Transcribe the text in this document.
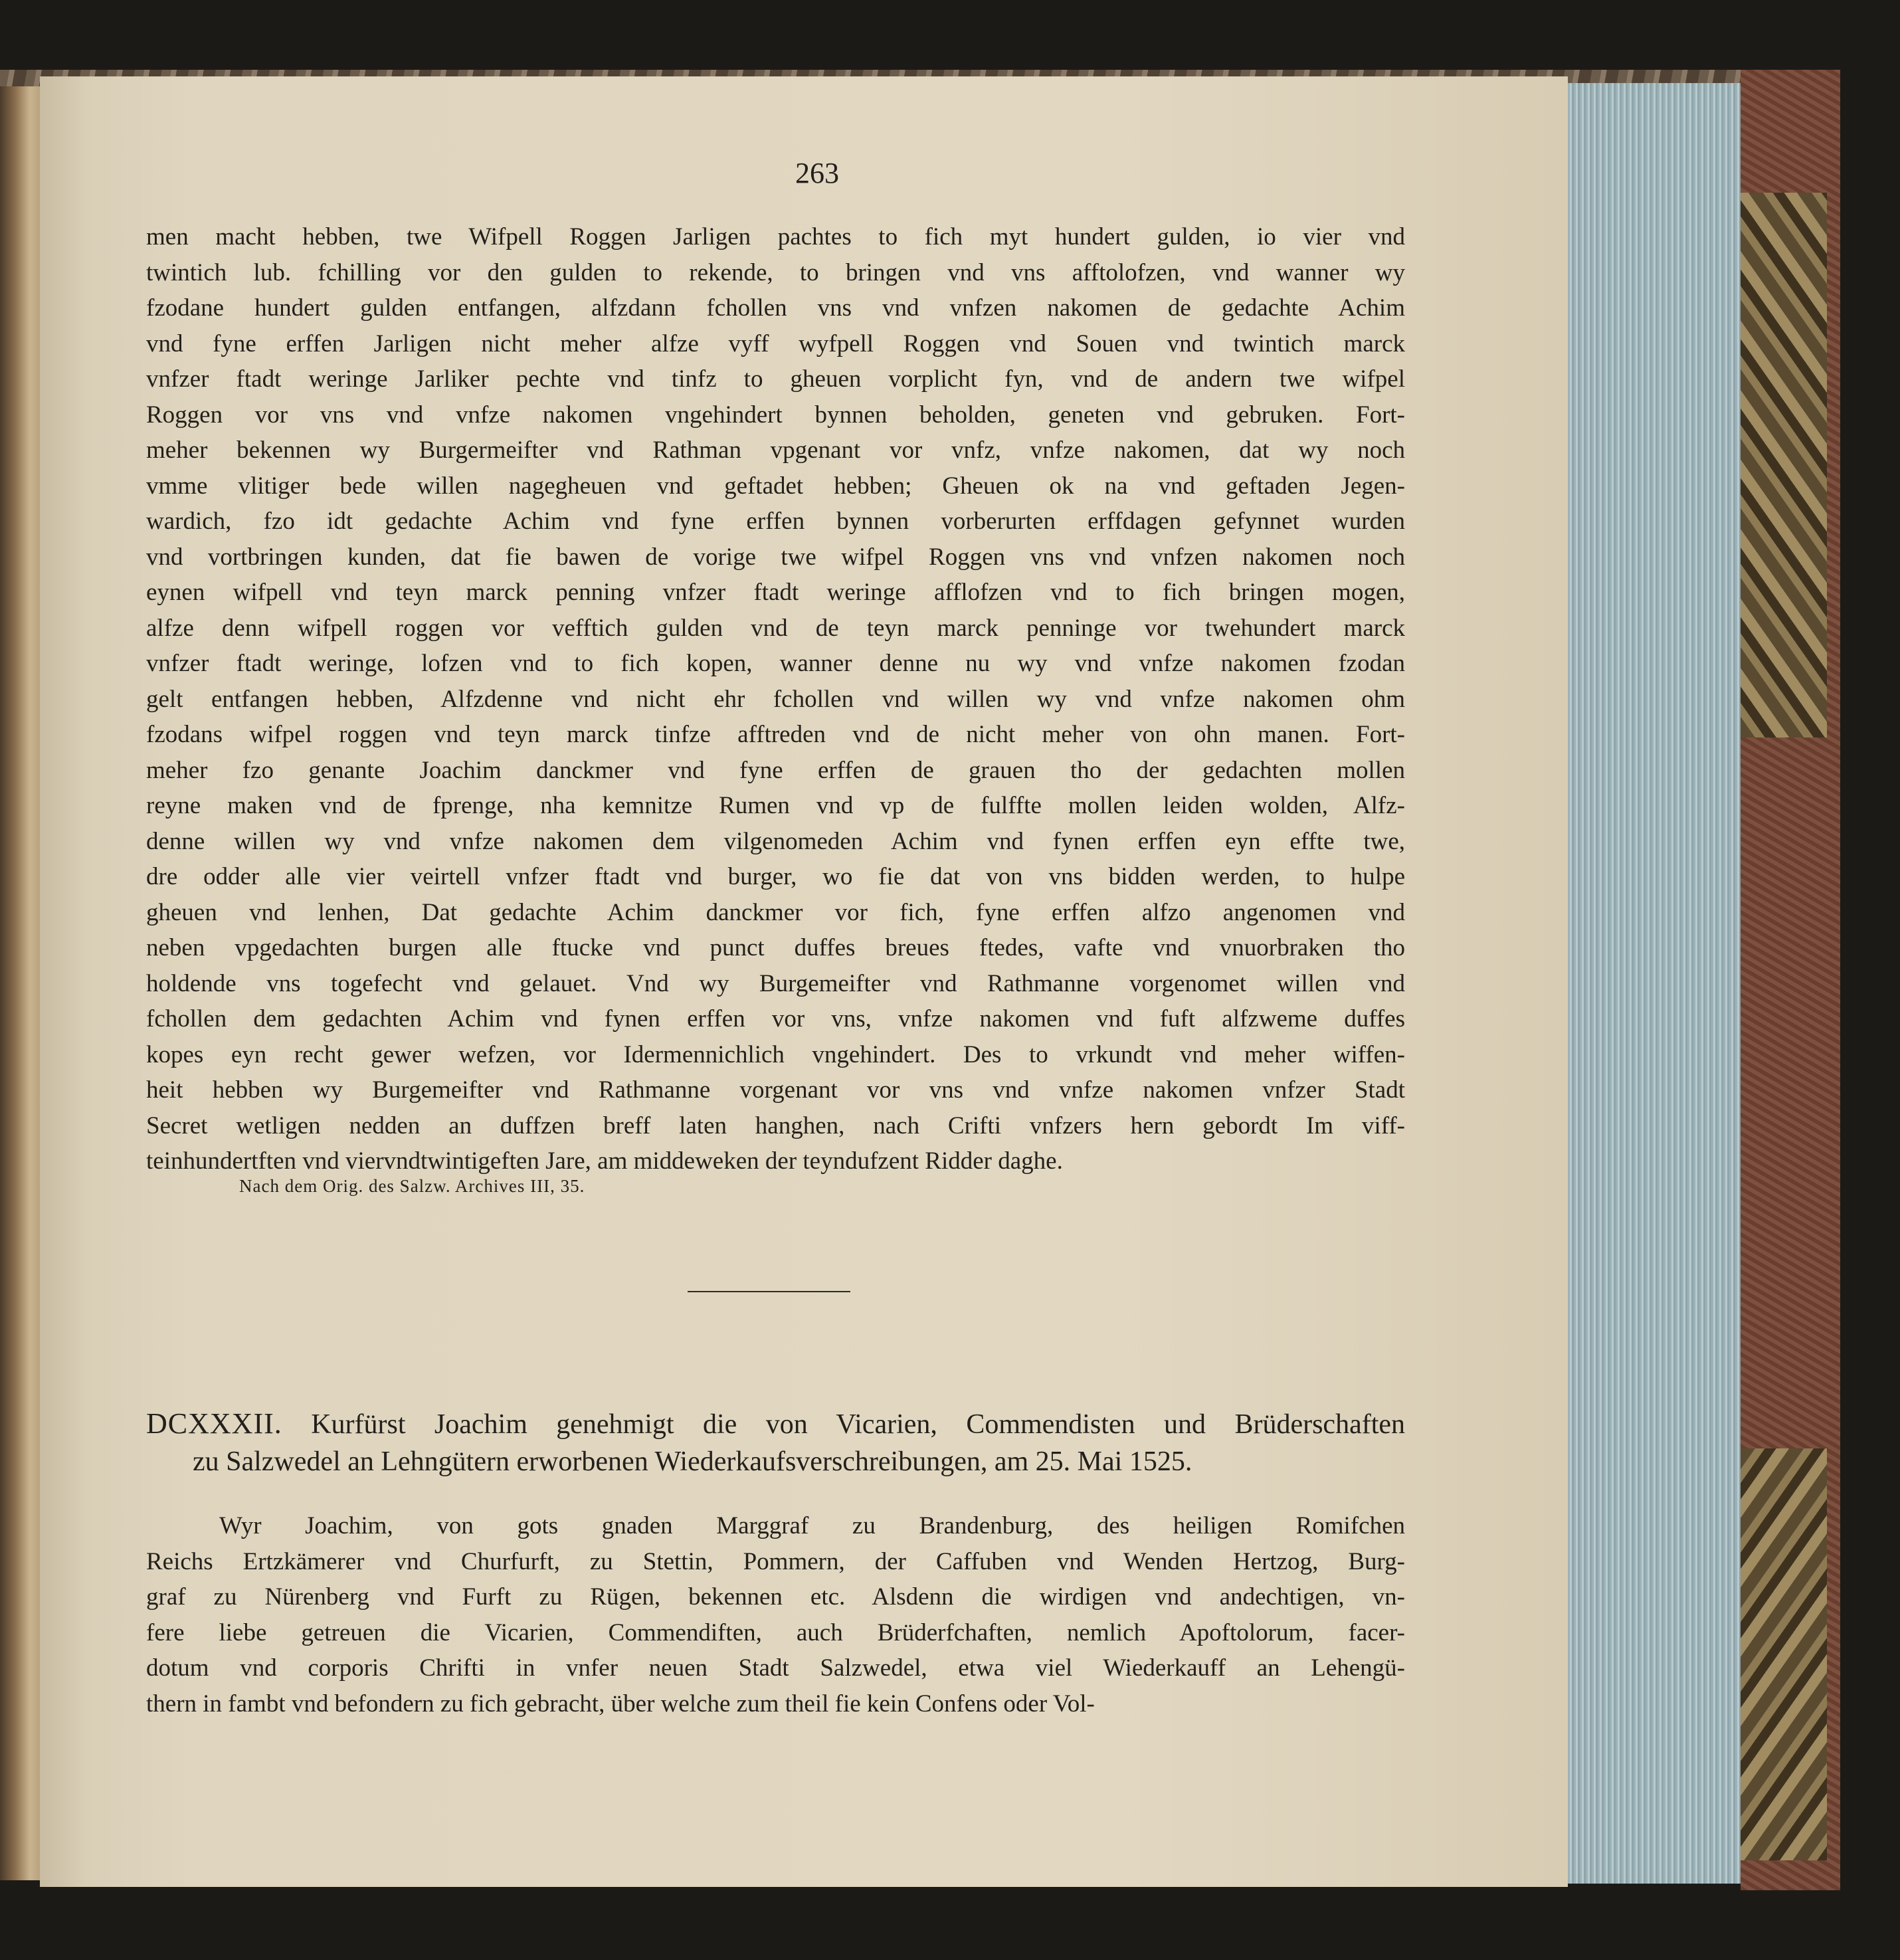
263
men macht hebben, twe Wifpell Roggen Jarligen pachtes to fich myt hundert gulden, io vier vnd
twintich lub. fchilling vor den gulden to rekende, to bringen vnd vns afftolofzen, vnd wanner wy
fzodane hundert gulden entfangen, alfzdann fchollen vns vnd vnfzen nakomen de gedachte Achim
vnd fyne erffen Jarligen nicht meher alfze vyff wyfpell Roggen vnd Souen vnd twintich marck
vnfzer ftadt weringe Jarliker pechte vnd tinfz to gheuen vorplicht fyn, vnd de andern twe wifpel
Roggen vor vns vnd vnfze nakomen vngehindert bynnen beholden, geneten vnd gebruken. Fort-
meher bekennen wy Burgermeifter vnd Rathman vpgenant vor vnfz, vnfze nakomen, dat wy noch
vmme vlitiger bede willen nagegheuen vnd geftadet hebben; Gheuen ok na vnd geftaden Jegen-
wardich, fzo idt gedachte Achim vnd fyne erffen bynnen vorberurten erffdagen gefynnet wurden
vnd vortbringen kunden, dat fie bawen de vorige twe wifpel Roggen vns vnd vnfzen nakomen noch
eynen wifpell vnd teyn marck penning vnfzer ftadt weringe afflofzen vnd to fich bringen mogen,
alfze denn wifpell roggen vor vefftich gulden vnd de teyn marck penninge vor twehundert marck
vnfzer ftadt weringe, lofzen vnd to fich kopen, wanner denne nu wy vnd vnfze nakomen fzodan
gelt entfangen hebben, Alfzdenne vnd nicht ehr fchollen vnd willen wy vnd vnfze nakomen ohm
fzodans wifpel roggen vnd teyn marck tinfze afftreden vnd de nicht meher von ohn manen. Fort-
meher fzo genante Joachim danckmer vnd fyne erffen de grauen tho der gedachten mollen
reyne maken vnd de fprenge, nha kemnitze Rumen vnd vp de fulffte mollen leiden wolden, Alfz-
denne willen wy vnd vnfze nakomen dem vilgenomeden Achim vnd fynen erffen eyn effte twe,
dre odder alle vier veirtell vnfzer ftadt vnd burger, wo fie dat von vns bidden werden, to hulpe
gheuen vnd lenhen, Dat gedachte Achim danckmer vor fich, fyne erffen alfzo angenomen vnd
neben vpgedachten burgen alle ftucke vnd punct duffes breues ftedes, vafte vnd vnuorbraken tho
holdende vns togefecht vnd gelauet. Vnd wy Burgemeifter vnd Rathmanne vorgenomet willen vnd
fchollen dem gedachten Achim vnd fynen erffen vor vns, vnfze nakomen vnd fuft alfzweme duffes
kopes eyn recht gewer wefzen, vor Idermennichlich vngehindert. Des to vrkundt vnd meher wiffen-
heit hebben wy Burgemeifter vnd Rathmanne vorgenant vor vns vnd vnfze nakomen vnfzer Stadt
Secret wetligen nedden an duffzen breff laten hanghen, nach Crifti vnfzers hern gebordt Im viff-
teinhundertften vnd viervndtwintigeften Jare, am middeweken der teyndufzent Ridder daghe.

Nach dem Orig. des Salzw. Archives III, 35.

DCXXXII. Kurfürst Joachim genehmigt die von Vicarien, Commendisten und Brüderschaften
zu Salzwedel an Lehngütern erworbenen Wiederkaufsverschreibungen, am 25. Mai 1525.
Wyr Joachim, von gots gnaden Marggraf zu Brandenburg, des heiligen Romifchen
Reichs Ertzkämerer vnd Churfurft, zu Stettin, Pommern, der Caffuben vnd Wenden Hertzog, Burg-
graf zu Nürenberg vnd Furft zu Rügen, bekennen etc. Alsdenn die wirdigen vnd andechtigen, vn-
fere liebe getreuen die Vicarien, Commendiften, auch Brüderfchaften, nemlich Apoftolorum, facer-
dotum vnd corporis Chrifti in vnfer neuen Stadt Salzwedel, etwa viel Wiederkauff an Lehengü-
thern in fambt vnd befondern zu fich gebracht, über welche zum theil fie kein Confens oder Vol-
